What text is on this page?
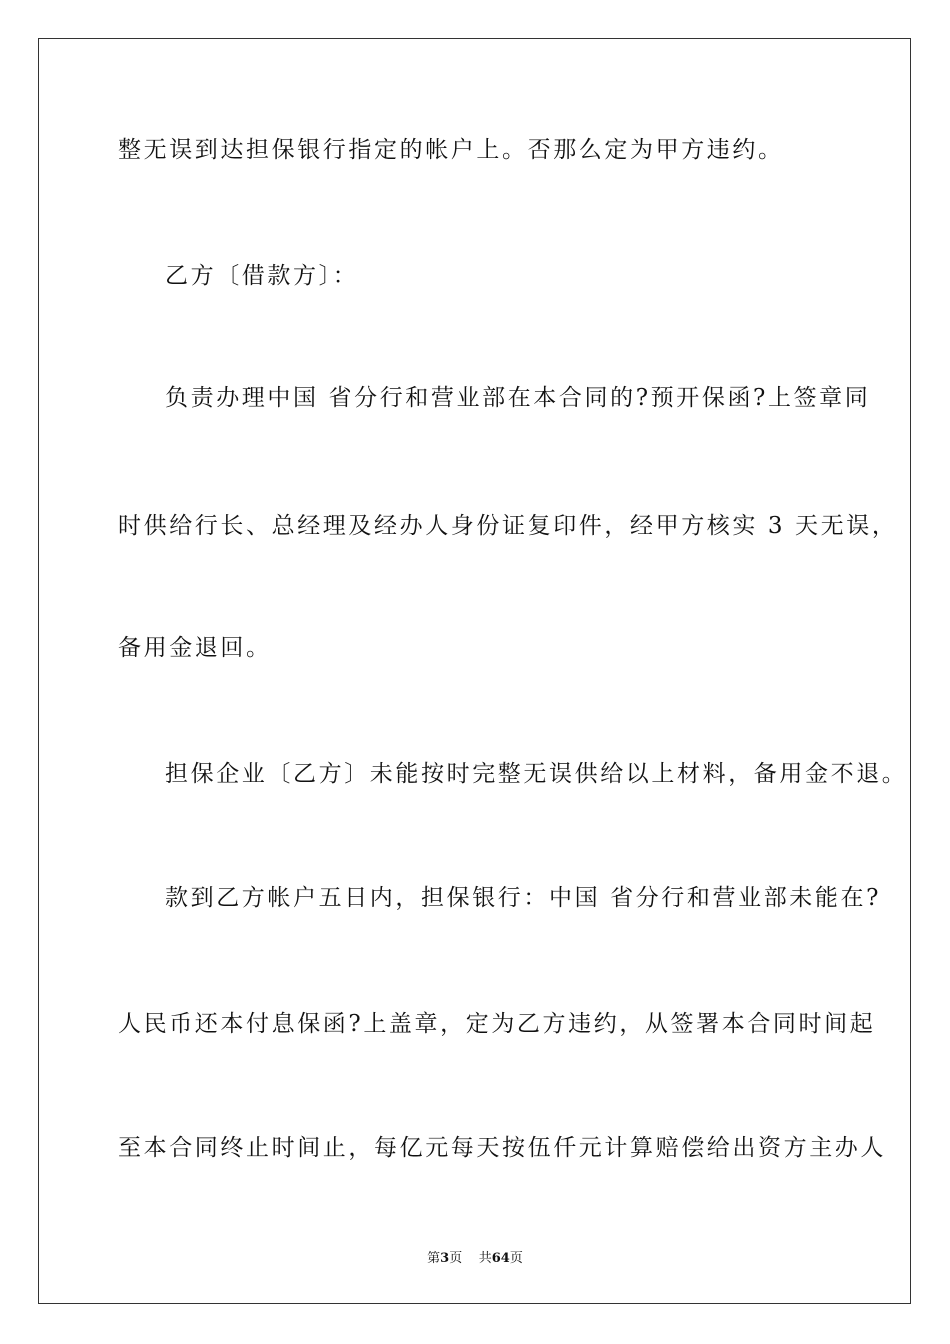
整无误到达担保银行指定的帐户上。否那么定为甲方违约。
乙方〔借款方〕：
负责办理中国 省分行和营业部在本合同的?预开保函?上签章同
时供给行长、总经理及经办人身份证复印件，经甲方核实 3 天无误，
备用金退回。
担保企业〔乙方〕未能按时完整无误供给以上材料，备用金不退。
款到乙方帐户五日内，担保银行：中国 省分行和营业部未能在?
人民币还本付息保函?上盖章，定为乙方违约，从签署本合同时间起
至本合同终止时间止，每亿元每天按伍仟元计算赔偿给出资方主办人
第3页 共64页
